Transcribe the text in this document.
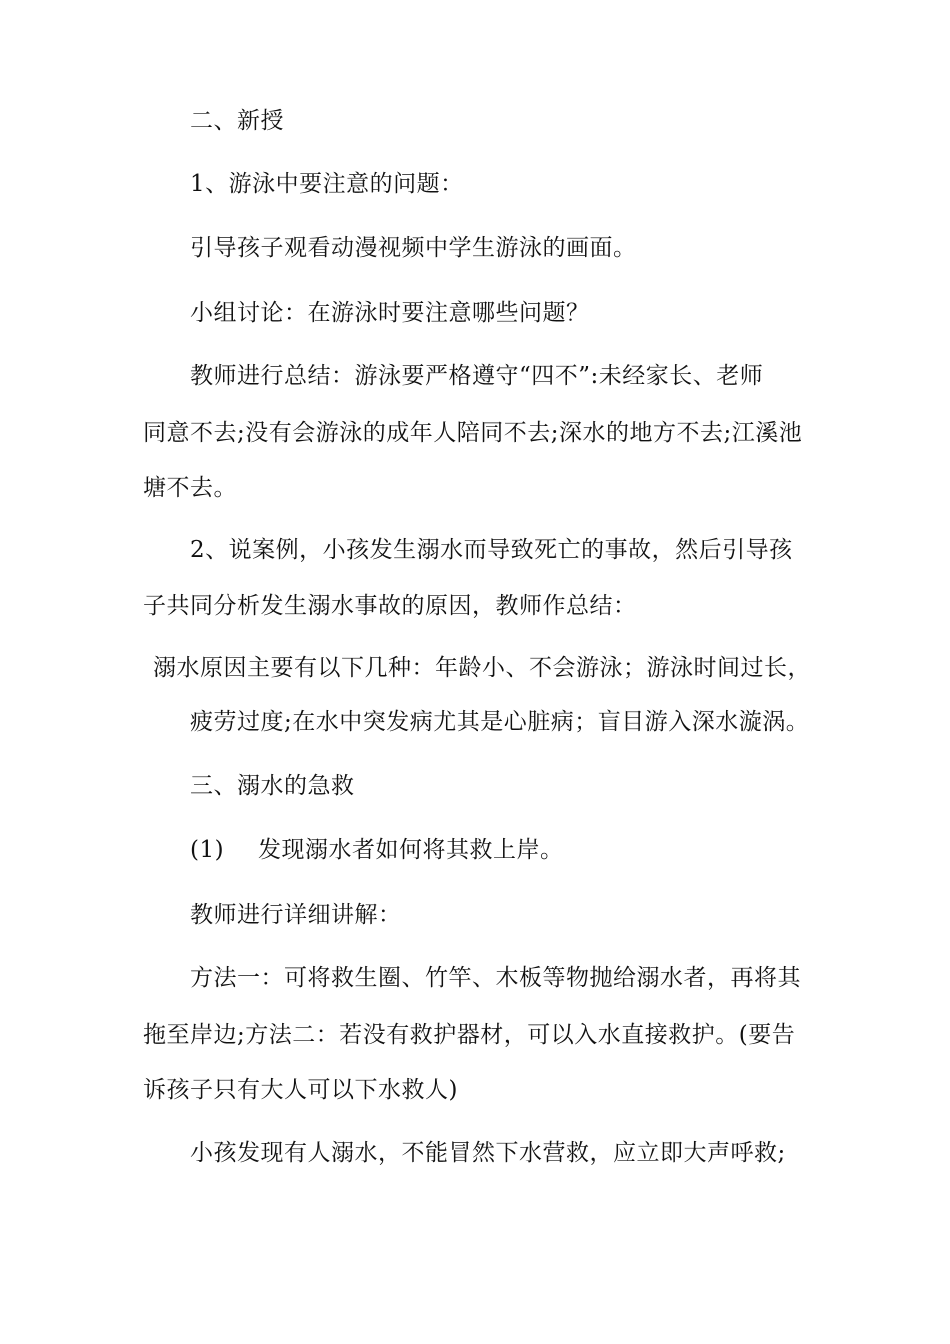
二、新授
1、游泳中要注意的问题：
引导孩子观看动漫视频中学生游泳的画面。
小组讨论：在游泳时要注意哪些问题？
教师进行总结：游泳要严格遵守“四不”:未经家长、老师
同意不去;没有会游泳的成年人陪同不去;深水的地方不去;江溪池
塘不去。
2、说案例，小孩发生溺水而导致死亡的事故，然后引导孩
子共同分析发生溺水事故的原因，教师作总结：
溺水原因主要有以下几种：年龄小、不会游泳；游泳时间过长，
疲劳过度;在水中突发病尤其是心脏病；盲目游入深水漩涡。
三、溺水的急救
(1) 发现溺水者如何将其救上岸。
教师进行详细讲解：
方法一：可将救生圈、竹竿、木板等物抛给溺水者，再将其
拖至岸边;方法二：若没有救护器材，可以入水直接救护。(要告
诉孩子只有大人可以下水救人)
小孩发现有人溺水，不能冒然下水营救，应立即大声呼救;
